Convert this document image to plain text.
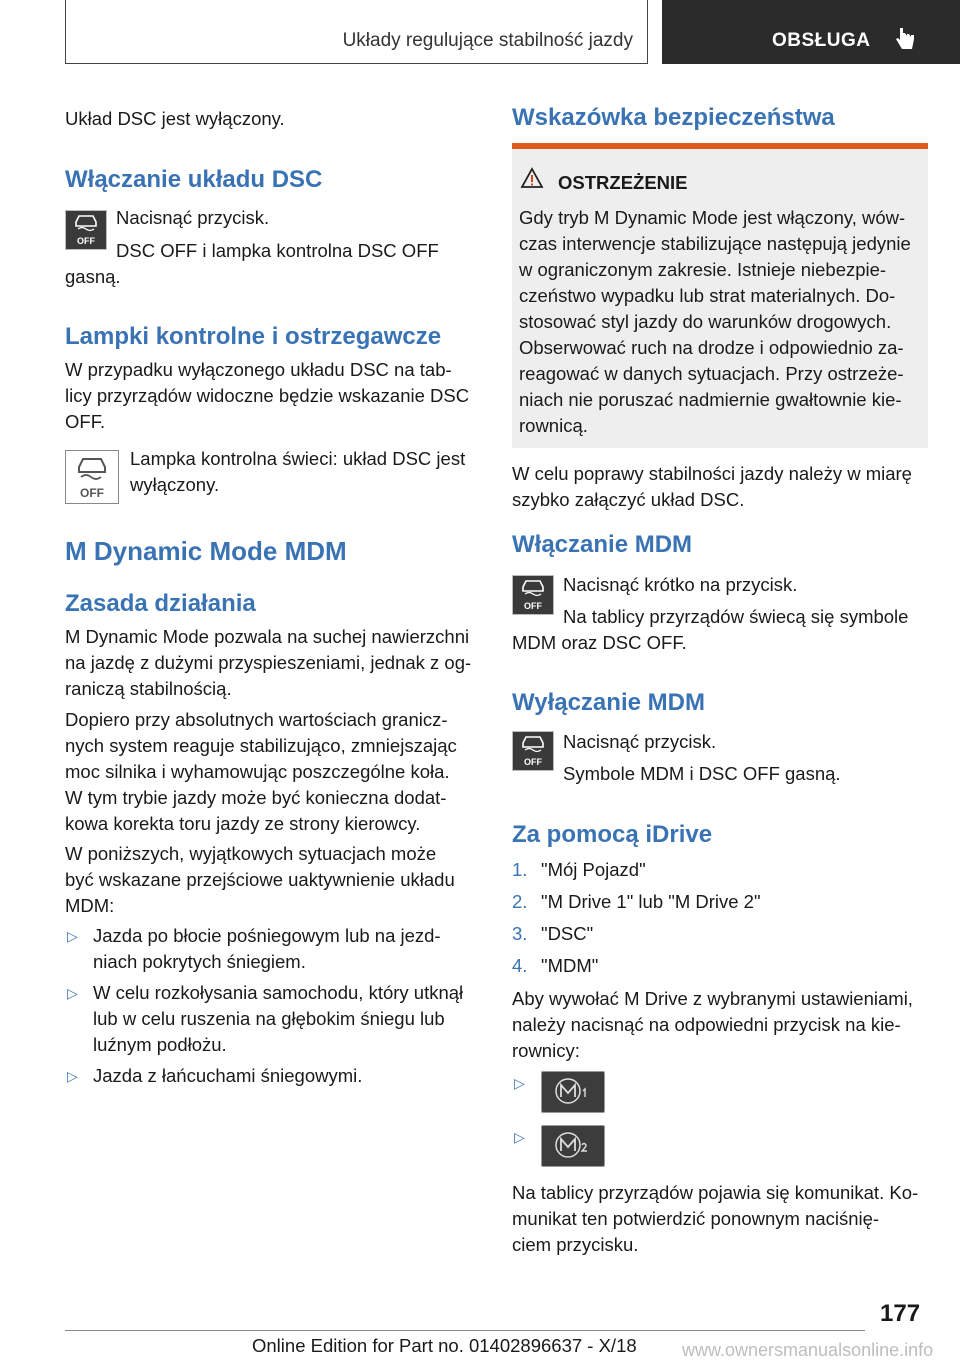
Układy regulujące stabilność jazdy	OBSŁUGA
Układ DSC jest wyłączony.
Włączanie układu DSC
OFF
Nacisnąć przycisk.
DSC OFF i lampka kontrolna DSC OFF
gasną.
Lampki kontrolne i ostrzegawcze
W przypadku wyłączonego układu DSC na tab-
licy przyrządów widoczne będzie wskazanie DSC
OFF.
OFF
Lampka kontrolna świeci: układ DSC jest
wyłączony.
M Dynamic Mode MDM
Zasada działania
M Dynamic Mode pozwala na suchej nawierzchni
na jazdę z dużymi przyspieszeniami, jednak z og-
raniczą stabilnością.
Dopiero przy absolutnych wartościach granicz-
nych system reaguje stabilizująco, zmniejszając
moc silnika i wyhamowując poszczególne koła.
W tym trybie jazdy może być konieczna dodat-
kowa korekta toru jazdy ze strony kierowcy.
W poniższych, wyjątkowych sytuacjach może
być wskazane przejściowe uaktywnienie układu
MDM:
▷ Jazda po błocie pośniegowym lub na jezd-
niach pokrytych śniegiem.
▷ W celu rozkołysania samochodu, który utknął
lub w celu ruszenia na głębokim śniegu lub
luźnym podłożu.
▷ Jazda z łańcuchami śniegowymi.
Wskazówka bezpieczeństwa
OSTRZEŻENIE
Gdy tryb M Dynamic Mode jest włączony, wów-
czas interwencje stabilizujące następują jedynie
w ograniczonym zakresie. Istnieje niebezpie-
czeństwo wypadku lub strat materialnych. Do-
stosować styl jazdy do warunków drogowych.
Obserwować ruch na drodze i odpowiednio za-
reagować w danych sytuacjach. Przy ostrzeże-
niach nie poruszać nadmiernie gwałtownie kie-
rownicą.
W celu poprawy stabilności jazdy należy w miarę
szybko załączyć układ DSC.
Włączanie MDM
OFF
Nacisnąć krótko na przycisk.
Na tablicy przyrządów świecą się symbole
MDM oraz DSC OFF.
Wyłączanie MDM
OFF
Nacisnąć przycisk.
Symbole MDM i DSC OFF gasną.
Za pomocą iDrive
1. "Mój Pojazd"
2. "M Drive 1" lub "M Drive 2"
3. "DSC"
4. "MDM"
Aby wywołać M Drive z wybranymi ustawieniami,
należy nacisnąć na odpowiedni przycisk na kie-
rownicy:
▷
▷
Na tablicy przyrządów pojawia się komunikat. Ko-
munikat ten potwierdzić ponownym naciśnię-
ciem przycisku.
177
Online Edition for Part no. 01402896637 - X/18	www.ownersmanualsonline.info
